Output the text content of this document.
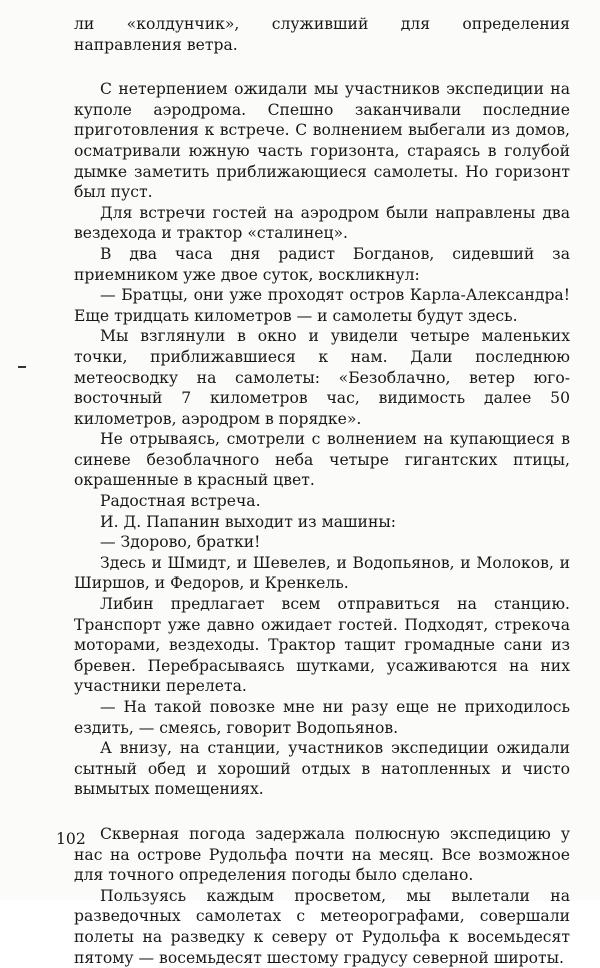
ли «колдунчик», служивший для определения направления ветра.

С нетерпением ожидали мы участников экспедиции на куполе аэродрома. Спешно заканчивали последние приготовления к встрече. С волнением выбегали из домов, осматривали южную часть горизонта, стараясь в голубой дымке заметить приближающиеся самолеты. Но горизонт был пуст.

Для встречи гостей на аэродром были направлены два вездехода и трактор «сталинец».

В два часа дня радист Богданов, сидевший за приемником уже двое суток, воскликнул:

— Братцы, они уже проходят остров Карла-Александра! Еще тридцать километров — и самолеты будут здесь.

Мы взглянули в окно и увидели четыре маленьких точки, приближавшиеся к нам. Дали последнюю метеосводку на самолеты: «Безоблачно, ветер юго-восточный 7 километров час, видимость далее 50 километров, аэродром в порядке».

Не отрываясь, смотрели с волнением на купающиеся в синеве безоблачного неба четыре гигантских птицы, окрашенные в красный цвет.

Радостная встреча.

И. Д. Папанин выходит из машины:

— Здорово, братки!

Здесь и Шмидт, и Шевелев, и Водопьянов, и Молоков, и Ширшов, и Федоров, и Кренкель.

Либин предлагает всем отправиться на станцию. Транспорт уже давно ожидает гостей. Подходят, стрекоча моторами, вездеходы. Трактор тащит громадные сани из бревен. Перебрасываясь шутками, усаживаются на них участники перелета.

— На такой повозке мне ни разу еще не приходилось ездить, — смеясь, говорит Водопьянов.

А внизу, на станции, участников экспедиции ожидали сытный обед и хороший отдых в натопленных и чисто вымытых помещениях.

Скверная погода задержала полюсную экспедицию у нас на острове Рудольфа почти на месяц. Все возможное для точного определения погоды было сделано.

Пользуясь каждым просветом, мы вылетали на разведочных самолетах с метеорографами, совершали полеты на разведку к северу от Рудольфа к восемьдесят пятому — восемьдесят шестому градусу северной широты.

102
